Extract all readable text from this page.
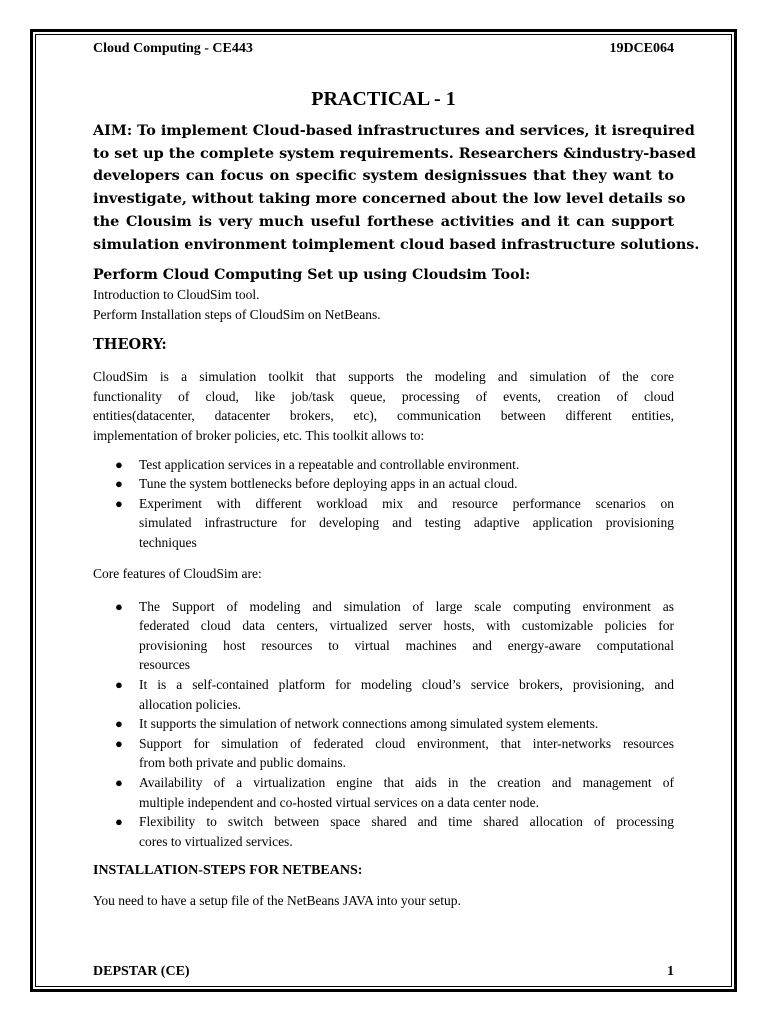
Cloud Computing - CE443	19DCE064
PRACTICAL - 1
AIM: To implement Cloud-based infrastructures and services, it isrequired
to set up the complete system requirements. Researchers &industry-based
developers can focus on specific system designissues that they want to
investigate, without taking more concerned about the low level details so
the Clousim is very much useful forthese activities and it can support
simulation environment toimplement cloud based infrastructure solutions.
Perform Cloud Computing Set up using Cloudsim Tool:

Introduction to CloudSim tool.

Perform Installation steps of CloudSim on NetBeans.

THEORY:
CloudSim is a simulation toolkit that supports the modeling and simulation of the core
functionality of cloud, like job/task queue, processing of events, creation of cloud
entities(datacenter, datacenter brokers, etc), communication between different entities,
implementation of broker policies, etc. This toolkit allows to:
● Test application services in a repeatable and controllable environment.
● Tune the system bottlenecks before deploying apps in an actual cloud.
● Experiment with different workload mix and resource performance scenarios on
simulated infrastructure for developing and testing adaptive application provisioning
techniques
Core features of CloudSim are:
● The Support of modeling and simulation of large scale computing environment as
federated cloud data centers, virtualized server hosts, with customizable policies for
provisioning host resources to virtual machines and energy-aware computational
resources
● It is a self-contained platform for modeling cloud’s service brokers, provisioning, and
allocation policies.
● It supports the simulation of network connections among simulated system elements.
● Support for simulation of federated cloud environment, that inter-networks resources
from both private and public domains.
● Availability of a virtualization engine that aids in the creation and management of
multiple independent and co-hosted virtual services on a data center node.
● Flexibility to switch between space shared and time shared allocation of processing
cores to virtualized services.
INSTALLATION-STEPS FOR NETBEANS:
You need to have a setup file of the NetBeans JAVA into your setup.
DEPSTAR (CE)	1
